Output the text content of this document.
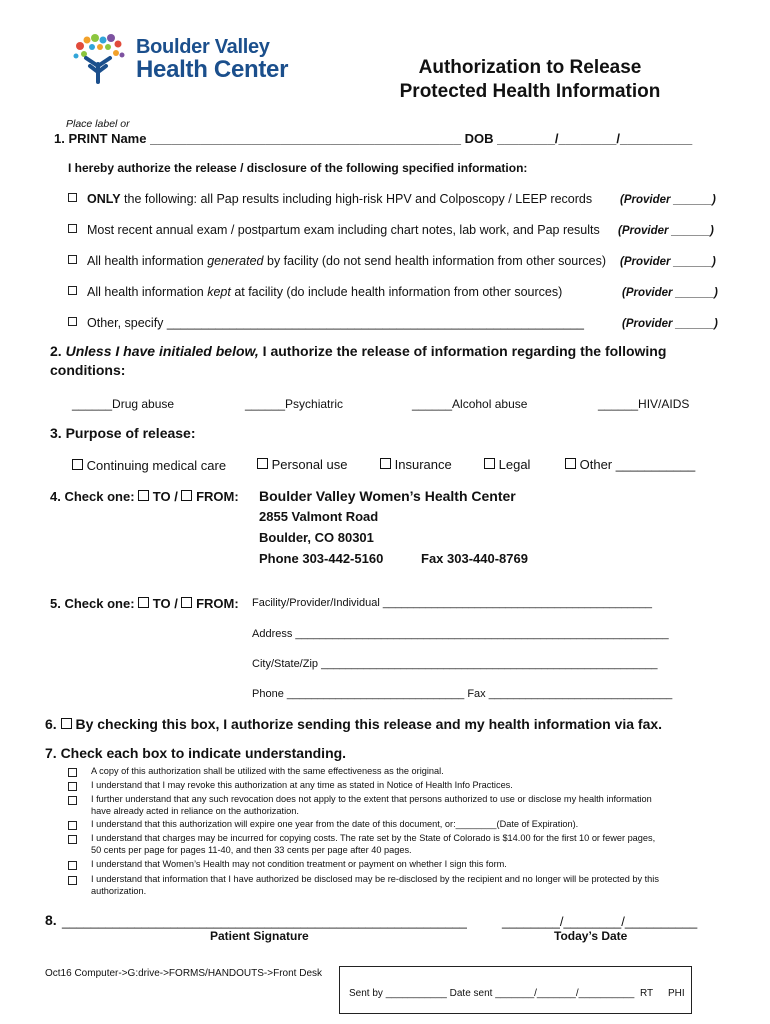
Boulder Valley
Health Center	Authorization to Release
Protected Health Information
Place label or
1. PRINT Name ___________________________________________ DOB ________/________/__________
I hereby authorize the release / disclosure of the following specified information:
ONLY the following: all Pap results including high-risk HPV and Colposcopy / LEEP records (Provider ______)
Most recent annual exam / postpartum exam including chart notes, lab work, and Pap results (Provider ______)
All health information generated by facility (do not send health information from other sources) (Provider ______)
All health information kept at facility (do include health information from other sources)	(Provider ______)
Other, specify ____________________________________________________________	(Provider ______)
2. Unless I have initialed below, I authorize the release of information regarding the following
conditions:
______Drug abuse	______Psychiatric	______Alcohol abuse	______HIV/AIDS
3. Purpose of release:
Continuing medical care	Personal use	Insurance	Legal	Other ___________
4. Check one: TO / FROM: Boulder Valley Women’s Health Center
2855 Valmont Road
Boulder, CO 80301
Phone 303-442-5160	Fax 303-440-8769
5. Check one: TO / FROM: Facility/Provider/Individual ____________________________________________
Address _____________________________________________________________
City/State/Zip _______________________________________________________
Phone _____________________________ Fax ______________________________
6. By checking this box, I authorize sending this release and my health information via fax.
7. Check each box to indicate understanding.
A copy of this authorization shall be utilized with the same effectiveness as the original.
I understand that I may revoke this authorization at any time as stated in Notice of Health Info Practices.
I further understand that any such revocation does not apply to the extent that persons authorized to use or disclose my health information
have already acted in reliance on the authorization.
I understand that this authorization will expire one year from the date of this document, or:________(Date of Expiration).
I understand that charges may be incurred for copying costs. The rate set by the State of Colorado is $14.00 for the first 10 or fewer pages,
50 cents per page for pages 11-40, and then 33 cents per page after 40 pages.
I understand that Women’s Health may not condition treatment or payment on whether I sign this form.
I understand that information that I have authorized be disclosed may be re-disclosed by the recipient and no longer will be protected by this
authorization.
8. ________________________________________________________
Patient Signature
________/________/__________
Today’s Date
Oct16 Computer->G:drive->FORMS/HANDOUTS->Front Desk
Sent by ___________ Date sent _______/_______/__________ RT PHI
